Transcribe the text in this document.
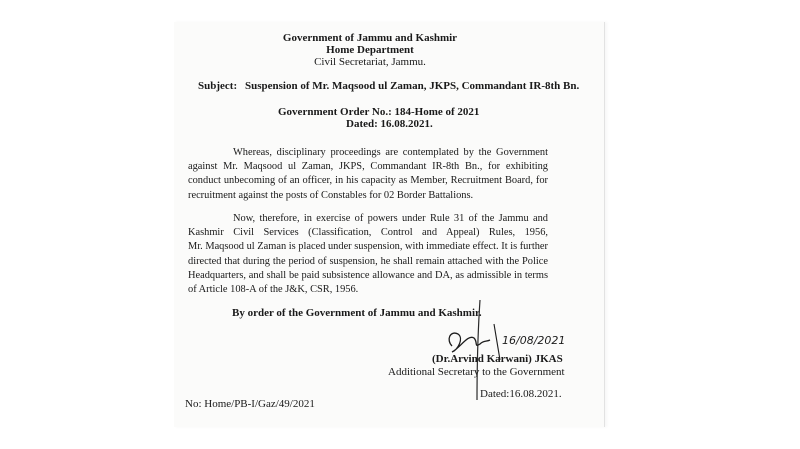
Government of Jammu and Kashmir
Home Department
Civil Secretariat, Jammu.
Subject: Suspension of Mr. Maqsood ul Zaman, JKPS, Commandant IR-8th Bn.
Government Order No.: 184-Home of 2021
Dated: 16.08.2021.
Whereas, disciplinary proceedings are contemplated by the Government
against Mr. Maqsood ul Zaman, JKPS, Commandant IR-8th Bn., for exhibiting
conduct unbecoming of an officer, in his capacity as Member, Recruitment Board, for
recruitment against the posts of Constables for 02 Border Battalions.
Now, therefore, in exercise of powers under Rule 31 of the Jammu and
Kashmir Civil Services (Classification, Control and Appeal) Rules, 1956,
Mr. Maqsood ul Zaman is placed under suspension, with immediate effect. It is further
directed that during the period of suspension, he shall remain attached with the Police
Headquarters, and shall be paid subsistence allowance and DA, as admissible in terms
of Article 108-A of the J&K, CSR, 1956.
By order of the Government of Jammu and Kashmir.
16/08/2021
(Dr.Arvind Karwani) JKAS
Additional Secretary to the Government
No: Home/PB-I/Gaz/49/2021
Dated:16.08.2021.
